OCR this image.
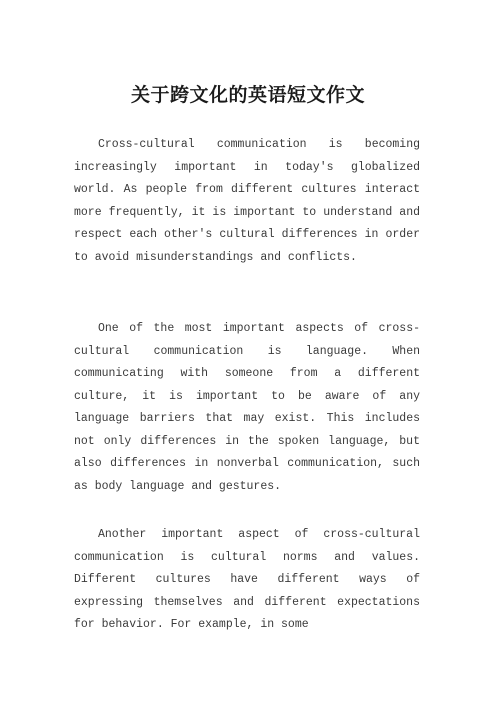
关于跨文化的英语短文作文

Cross-cultural communication is becoming increasingly important in today's globalized world. As people from different cultures interact more frequently, it is important to understand and respect each other's cultural differences in order to avoid misunderstandings and conflicts.

One of the most important aspects of cross-cultural communication is language. When communicating with someone from a different culture, it is important to be aware of any language barriers that may exist. This includes not only differences in the spoken language, but also differences in nonverbal communication, such as body language and gestures.

Another important aspect of cross-cultural communication is cultural norms and values. Different cultures have different ways of expressing themselves and different expectations for behavior. For example, in some
